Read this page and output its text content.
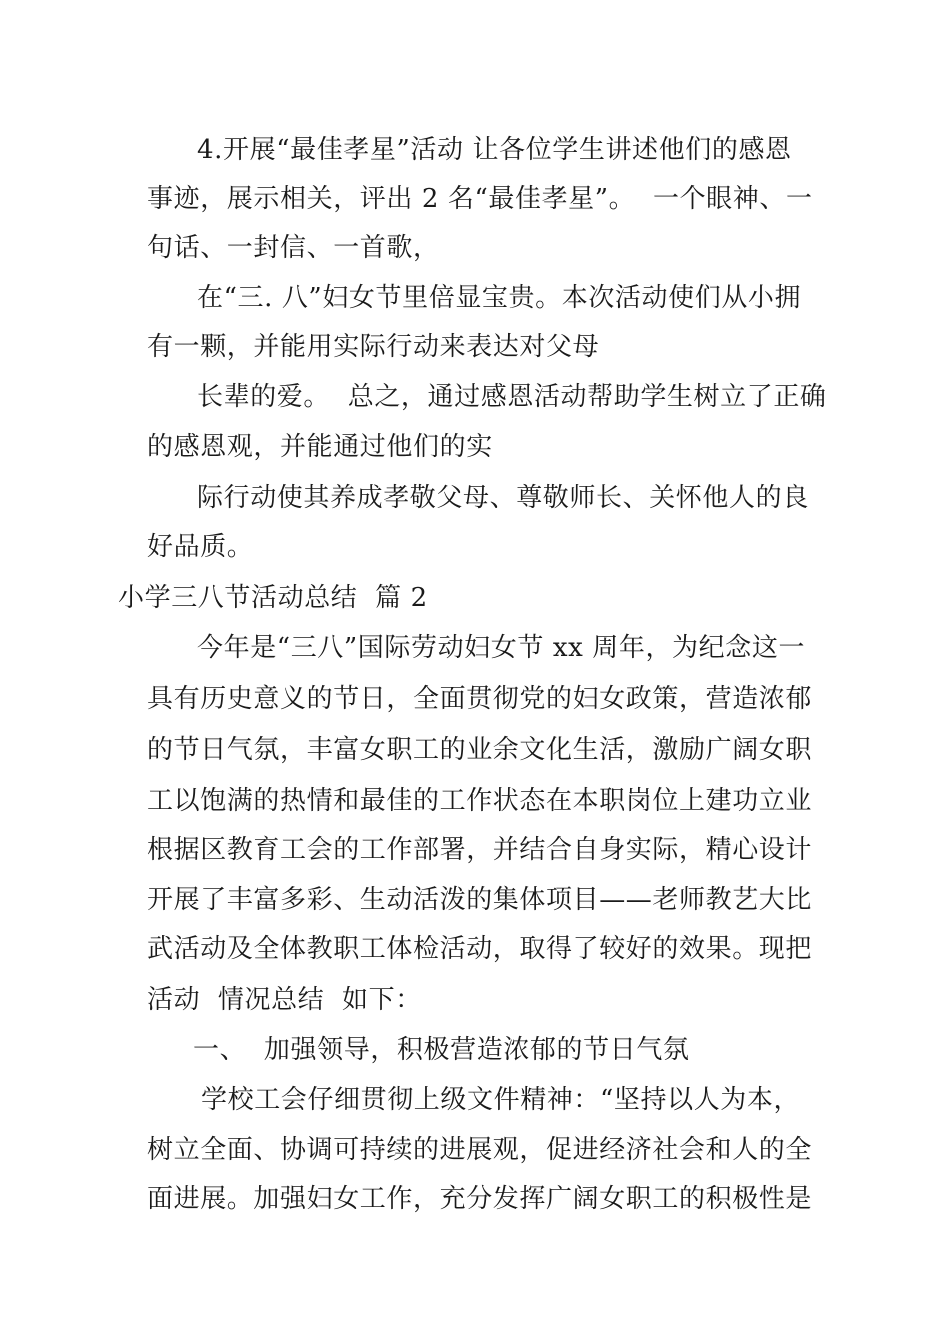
4.开展“最佳孝星”活动 让各位学生讲述他们的感恩
事迹，展示相关，评出 2 名“最佳孝星”。  一个眼神、一
句话、一封信、一首歌，
在“三. 八”妇女节里倍显宝贵。本次活动使们从小拥
有一颗，并能用实际行动来表达对父母
长辈的爱。  总之，通过感恩活动帮助学生树立了正确
的感恩观，并能通过他们的实
际行动使其养成孝敬父母、尊敬师长、关怀他人的良
好品质。
小学三八节活动总结  篇 2
今年是“三八”国际劳动妇女节 xx 周年，为纪念这一
具有历史意义的节日，全面贯彻党的妇女政策，营造浓郁
的节日气氛，丰富女职工的业余文化生活，激励广阔女职
工以饱满的热情和最佳的工作状态在本职岗位上建功立业
根据区教育工会的工作部署，并结合自身实际，精心设计
开展了丰富多彩、生动活泼的集体项目——老师教艺大比
武活动及全体教职工体检活动，取得了较好的效果。现把
活动  情况总结  如下：
一、  加强领导，积极营造浓郁的节日气氛
学校工会仔细贯彻上级文件精神：“坚持以人为本，
树立全面、协调可持续的进展观，促进经济社会和人的全
面进展。加强妇女工作，充分发挥广阔女职工的积极性是
